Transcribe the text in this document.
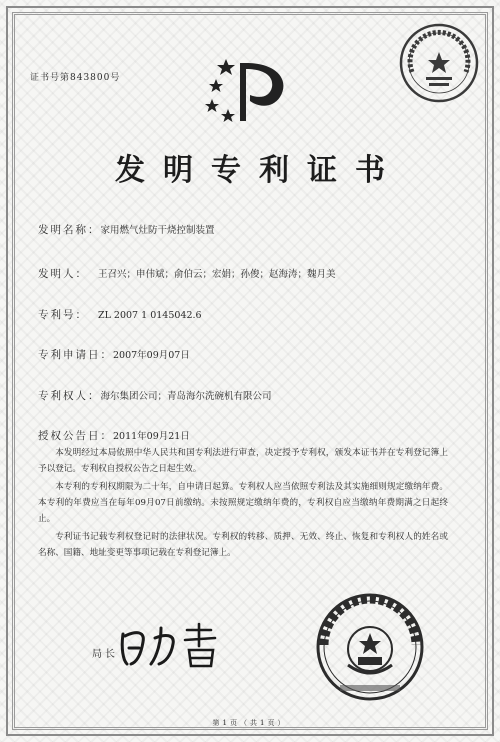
证书号第843800号
发明专利证书
发明名称：家用燃气灶防干烧控制装置
发明人： 王召兴；申伟斌；俞伯云；宏娟；孙俊；赵海涛；魏月美
专利号： ZL 2007 1 0145042.6
专利申请日：2007年09月07日
专利权人：海尔集团公司；青岛海尔洗碗机有限公司
授权公告日：2011年09月21日

本发明经过本局依照中华人民共和国专利法进行审查，决定授予专利权，颁发本证书并在专利登记簿上予以登记。专利权自授权公告之日起生效。

本专利的专利权期限为二十年，自申请日起算。专利权人应当依照专利法及其实施细则规定缴纳年费。本专利的年费应当在每年09月07日前缴纳。未按照规定缴纳年费的，专利权自应当缴纳年费期满之日起终止。

专利证书记载专利权登记时的法律状况。专利权的转移、质押、无效、终止、恢复和专利权人的姓名或名称、国籍、地址变更等事项记载在专利登记簿上。

局长
第1页（共1页）
